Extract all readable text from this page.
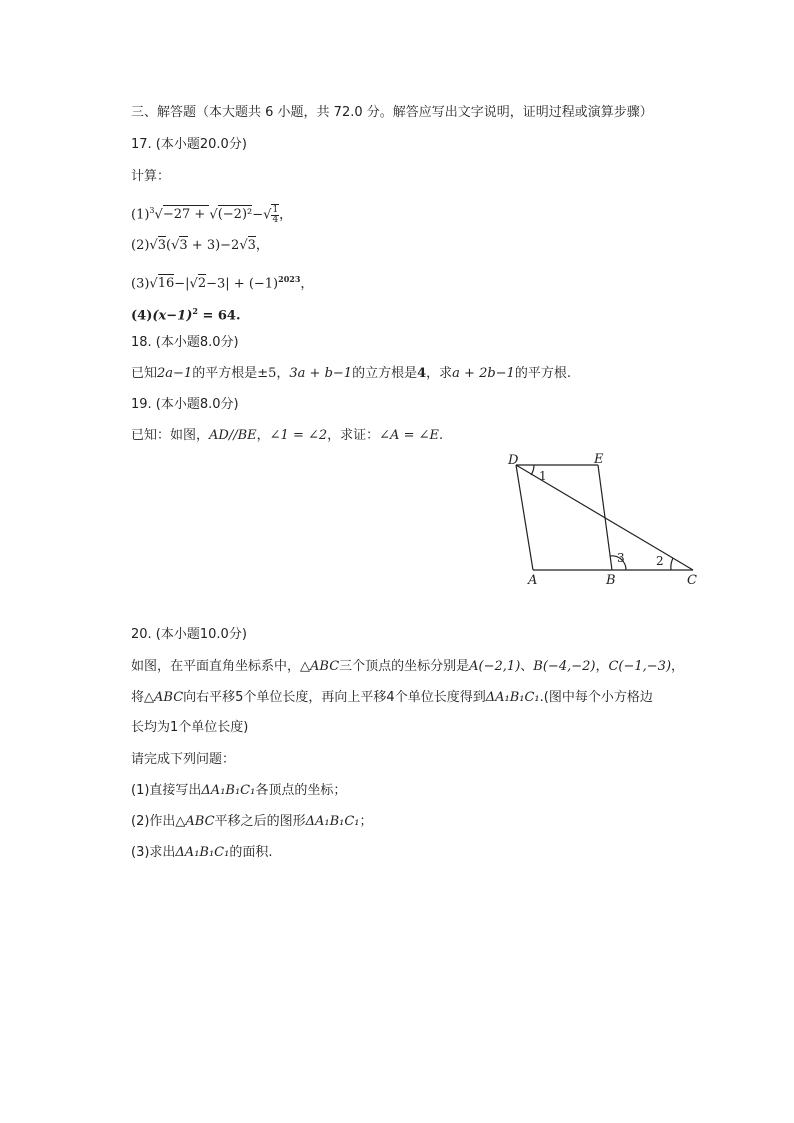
三、解答题（本大题共 6 小题，共 72.0 分。解答应写出文字说明，证明过程或演算步骤）
17. (本小题20.0分)
计算：
$(1)^3√-27 + √(-2)^2-√ \frac{1}{4}$ ，
(2)√3(√3 + 3)−2√3，
$(3)√16-|√2-3| + (-1)^{2023}$，
$(4)(x-1)^2 = 64$.
18. (本小题8.0分)
已知2a−1的平方根是±5，3a + b−1的立方根是4，求a + 2b−1的平方根.
19. (本小题8.0分)
已知：如图，AD//BE，∠1 = ∠2，求证：∠A = ∠E.
D	E
A	B	C
1
2
3
20. (本小题10.0分)
如图，在平面直角坐标系中，△ABC三个顶点的坐标分别是A(−2,1)、B(−4,−2)，C(−1,−3)，
将△ABC向右平移5个单位长度，再向上平移4个单位长度得到ΔA₁B₁C₁.(图中每个小方格边
长均为1个单位长度)
请完成下列问题：
(1)直接写出ΔA₁B₁C₁各顶点的坐标；
(2)作出△ABC平移之后的图形ΔA₁B₁C₁；
(3)求出ΔA₁B₁C₁的面积.
